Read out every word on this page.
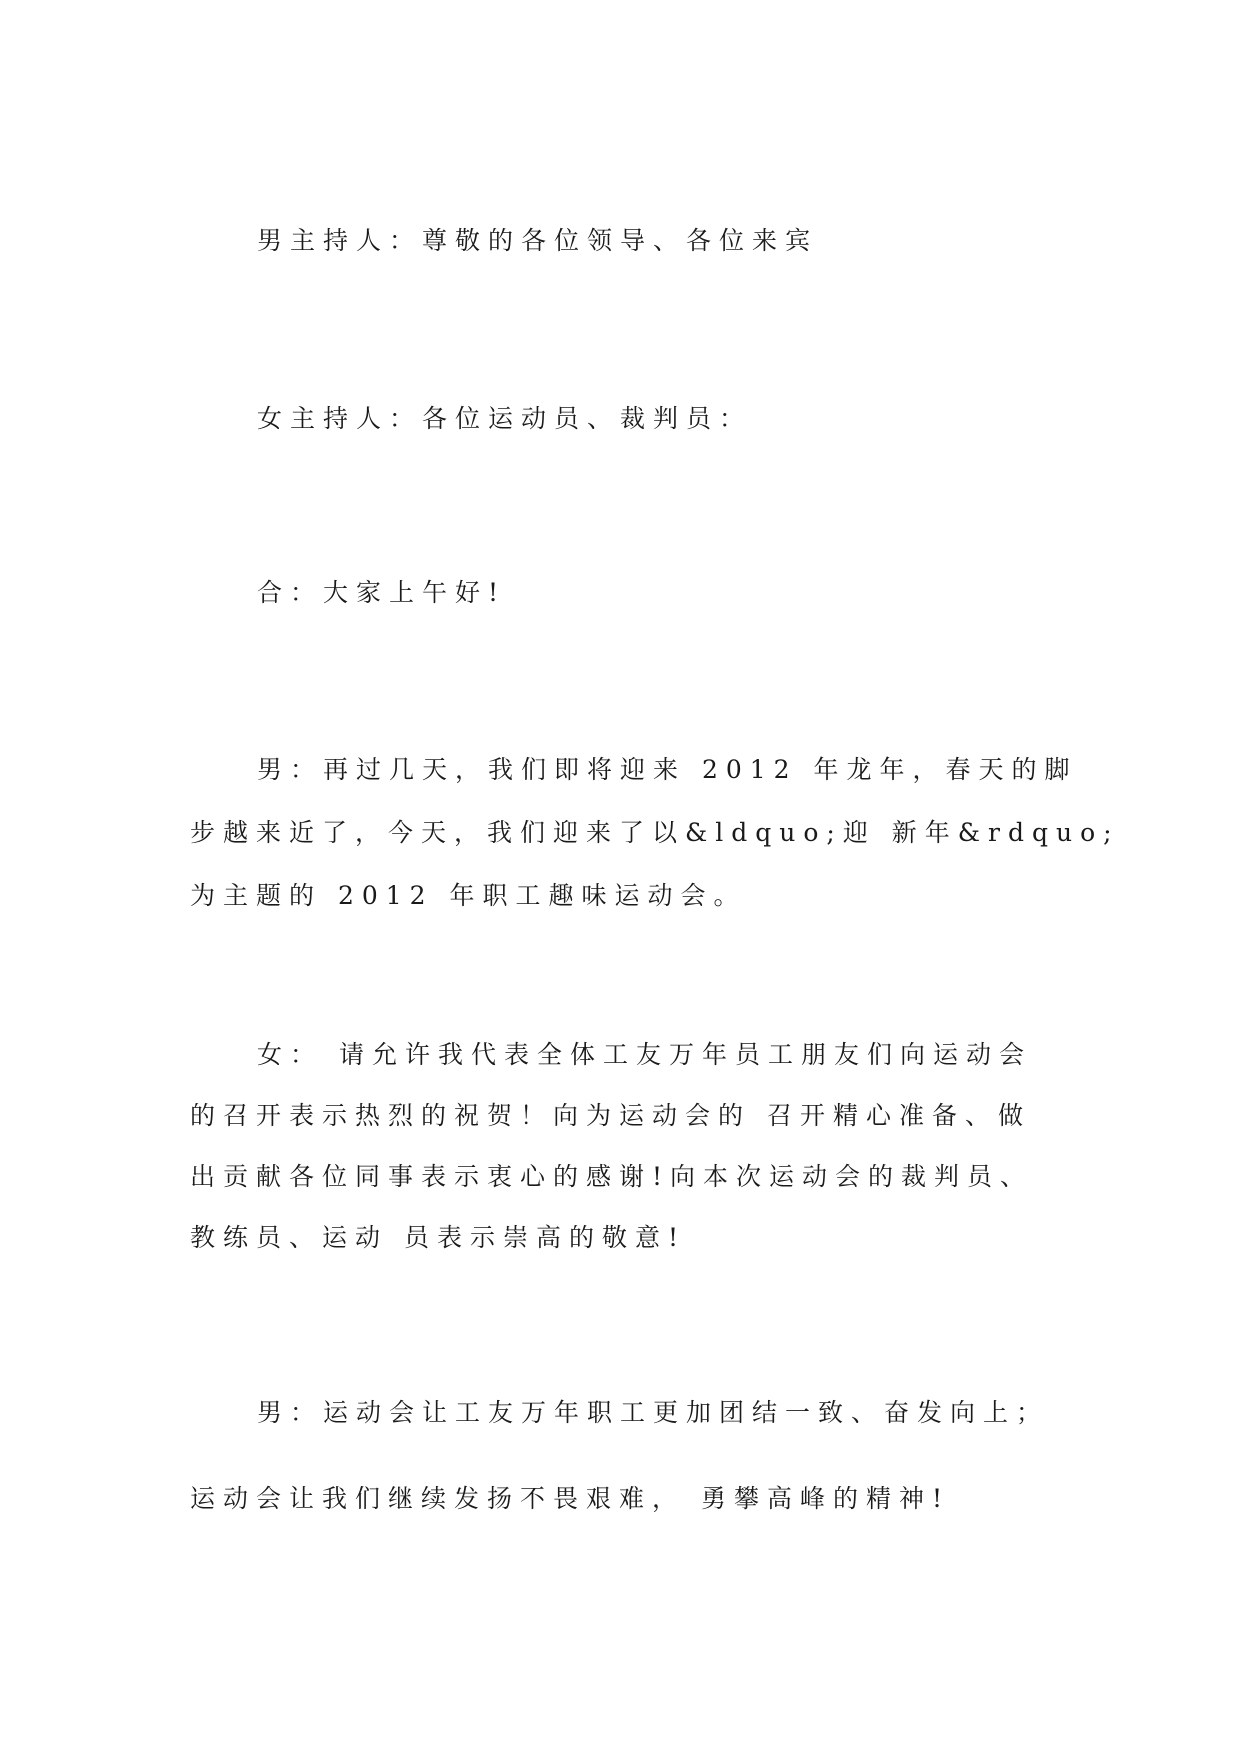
男主持人：尊敬的各位领导、各位来宾
女主持人：各位运动员、裁判员：
合：大家上午好!
男：再过几天，我们即将迎来 2012 年龙年，春天的脚
步越来近了，今天，我们迎来了以&ldquo;迎 新年&rdquo;
为主题的 2012 年职工趣味运动会。
女： 请允许我代表全体工友万年员工朋友们向运动会
的召开表示热烈的祝贺！向为运动会的 召开精心准备、做
出贡献各位同事表示衷心的感谢!向本次运动会的裁判员、
教练员、运动 员表示崇高的敬意!
男：运动会让工友万年职工更加团结一致、奋发向上；
运动会让我们继续发扬不畏艰难， 勇攀高峰的精神!
